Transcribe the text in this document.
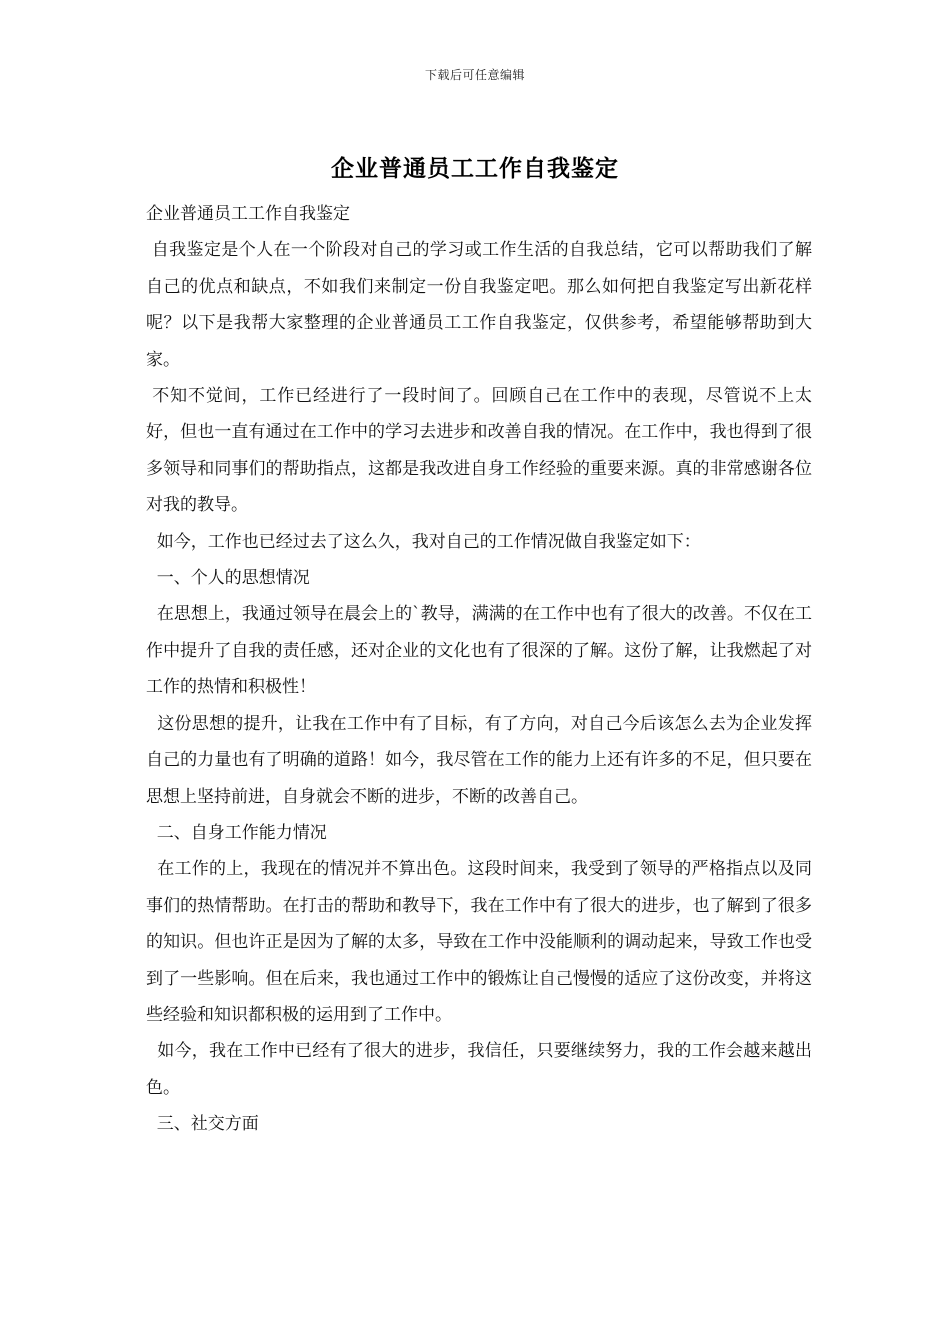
下载后可任意编辑
企业普通员工工作自我鉴定

企业普通员工工作自我鉴定

自我鉴定是个人在一个阶段对自己的学习或工作生活的自我总结，它可以帮助我们了解自己的优点和缺点，不如我们来制定一份自我鉴定吧。那么如何把自我鉴定写出新花样呢？以下是我帮大家整理的企业普通员工工作自我鉴定，仅供参考，希望能够帮助到大家。

不知不觉间，工作已经进行了一段时间了。回顾自己在工作中的表现，尽管说不上太好，但也一直有通过在工作中的学习去进步和改善自我的情况。在工作中，我也得到了很多领导和同事们的帮助指点，这都是我改进自身工作经验的重要来源。真的非常感谢各位对我的教导。

如今，工作也已经过去了这么久，我对自己的工作情况做自我鉴定如下：

一、个人的思想情况

在思想上，我通过领导在晨会上的`教导，满满的在工作中也有了很大的改善。不仅在工作中提升了自我的责任感，还对企业的文化也有了很深的了解。这份了解，让我燃起了对工作的热情和积极性！

这份思想的提升，让我在工作中有了目标，有了方向，对自己今后该怎么去为企业发挥自己的力量也有了明确的道路！如今，我尽管在工作的能力上还有许多的不足，但只要在思想上坚持前进，自身就会不断的进步，不断的改善自己。

二、自身工作能力情况

在工作的上，我现在的情况并不算出色。这段时间来，我受到了领导的严格指点以及同事们的热情帮助。在打击的帮助和教导下，我在工作中有了很大的进步，也了解到了很多的知识。但也许正是因为了解的太多，导致在工作中没能顺利的调动起来，导致工作也受到了一些影响。但在后来，我也通过工作中的锻炼让自己慢慢的适应了这份改变，并将这些经验和知识都积极的运用到了工作中。

如今，我在工作中已经有了很大的进步，我信任，只要继续努力，我的工作会越来越出色。

三、社交方面
